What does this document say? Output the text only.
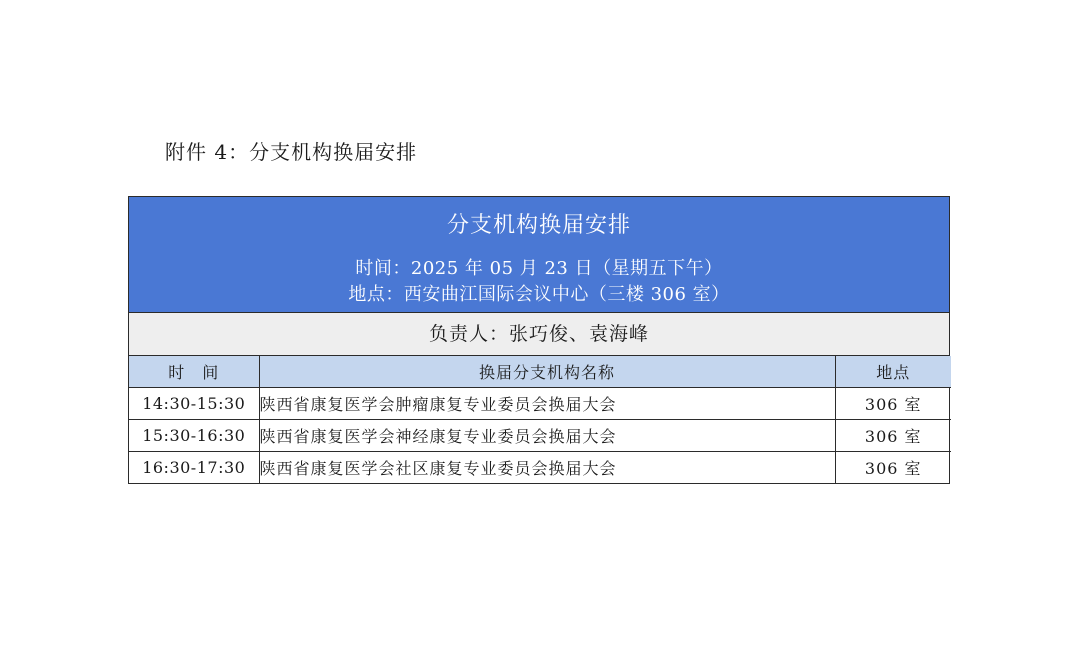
附件 4：分支机构换届安排
分支机构换届安排
时间：2025 年 05 月 23 日（星期五下午）
地点：西安曲江国际会议中心（三楼 306 室）
负责人：张巧俊、袁海峰
时　间	换届分支机构名称	地点
14:30-15:30	陕西省康复医学会肿瘤康复专业委员会换届大会	306 室
15:30-16:30	陕西省康复医学会神经康复专业委员会换届大会	306 室
16:30-17:30	陕西省康复医学会社区康复专业委员会换届大会	306 室
